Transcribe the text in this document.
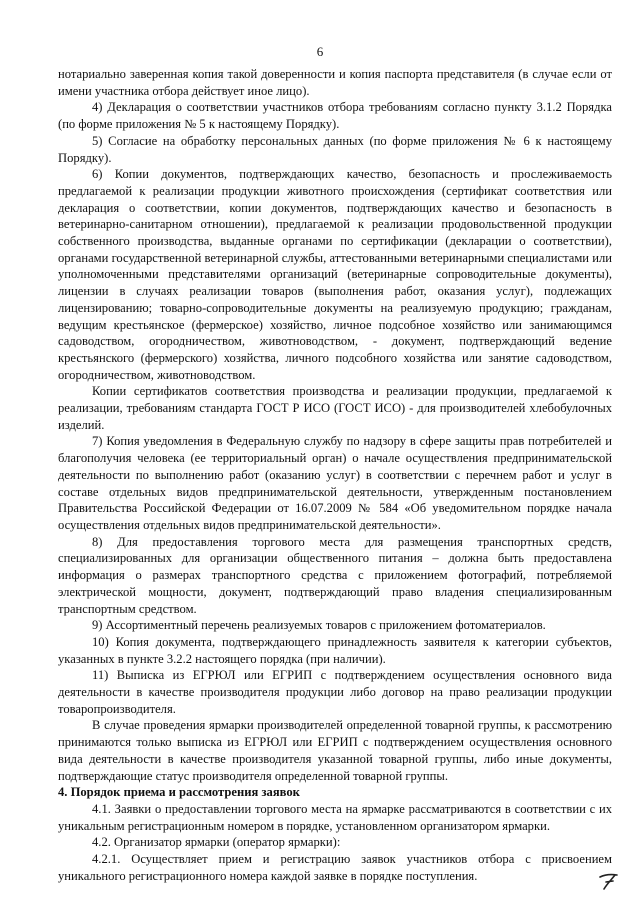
6

нотариально заверенная копия такой доверенности и копия паспорта представителя (в случае если от имени участника отбора действует иное лицо).

4) Декларация о соответствии участников отбора требованиям согласно пункту 3.1.2 Порядка (по форме приложения № 5 к настоящему Порядку).

5) Согласие на обработку персональных данных (по форме приложения № 6 к настоящему Порядку).

6) Копии документов, подтверждающих качество, безопасность и прослеживаемость предлагаемой к реализации продукции животного происхождения (сертификат соответствия или декларация о соответствии, копии документов, подтверждающих качество и безопасность в ветеринарно-санитарном отношении), предлагаемой к реализации продовольственной продукции собственного производства, выданные органами по сертификации (декларации о соответствии), органами государственной ветеринарной службы, аттестованными ветеринарными специалистами или уполномоченными представителями организаций (ветеринарные сопроводительные документы), лицензии в случаях реализации товаров (выполнения работ, оказания услуг), подлежащих лицензированию; товарно-сопроводительные документы на реализуемую продукцию; гражданам, ведущим крестьянское (фермерское) хозяйство, личное подсобное хозяйство или занимающимся садоводством, огородничеством, животноводством, - документ, подтверждающий ведение крестьянского (фермерского) хозяйства, личного подсобного хозяйства или занятие садоводством, огородничеством, животноводством.

Копии сертификатов соответствия производства и реализации продукции, предлагаемой к реализации, требованиям стандарта ГОСТ Р ИСО (ГОСТ ИСО) - для производителей хлебобулочных изделий.

7) Копия уведомления в Федеральную службу по надзору в сфере защиты прав потребителей и благополучия человека (ее территориальный орган) о начале осуществления предпринимательской деятельности по выполнению работ (оказанию услуг) в соответствии с перечнем работ и услуг в составе отдельных видов предпринимательской деятельности, утвержденным постановлением Правительства Российской Федерации от 16.07.2009 № 584 «Об уведомительном порядке начала осуществления отдельных видов предпринимательской деятельности».

8) Для предоставления торгового места для размещения транспортных средств, специализированных для организации общественного питания – должна быть предоставлена информация о размерах транспортного средства с приложением фотографий, потребляемой электрической мощности, документ, подтверждающий право владения специализированным транспортным средством.

9) Ассортиментный перечень реализуемых товаров с приложением фотоматериалов.

10) Копия документа, подтверждающего принадлежность заявителя к категории субъектов, указанных в пункте 3.2.2 настоящего порядка (при наличии).

11) Выписка из ЕГРЮЛ или ЕГРИП с подтверждением осуществления основного вида деятельности в качестве производителя продукции либо договор на право реализации продукции товаропроизводителя.

В случае проведения ярмарки производителей определенной товарной группы, к рассмотрению принимаются только выписка из ЕГРЮЛ или ЕГРИП с подтверждением осуществления основного вида деятельности в качестве производителя указанной товарной группы, либо иные документы, подтверждающие статус производителя определенной товарной группы.

4. Порядок приема и рассмотрения заявок

4.1. Заявки о предоставлении торгового места на ярмарке рассматриваются в соответствии с их уникальным регистрационным номером в порядке, установленном организатором ярмарки.

4.2. Организатор ярмарки (оператор ярмарки):

4.2.1. Осуществляет прием и регистрацию заявок участников отбора с присвоением уникального регистрационного номера каждой заявке в порядке поступления.
